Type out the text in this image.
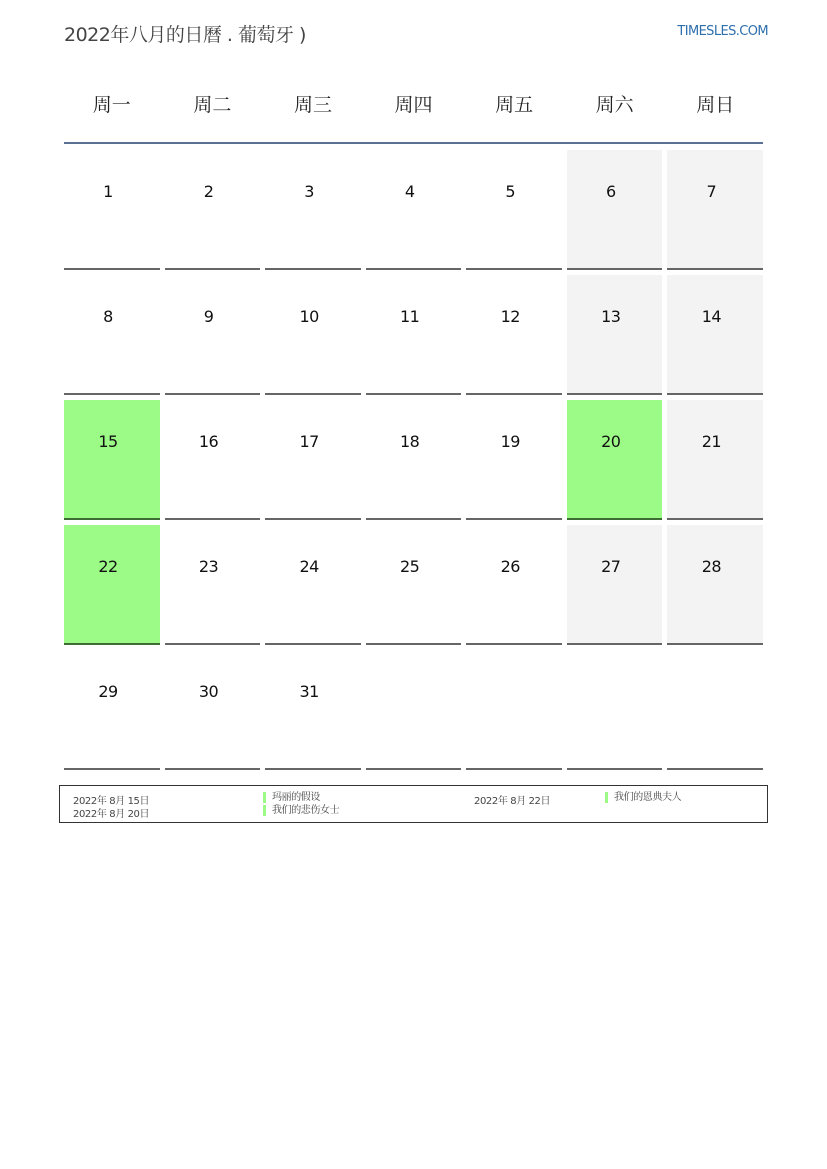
2022年八月的日曆 . 葡萄牙 )	TIMESLES.COM
周一	周二	周三	周四	周五	周六	周日
1	2	3	4	5	6	7
8	9	10	11	12	13	14
15	16	17	18	19	20	21
22	23	24	25	26	27	28
29	30	31
2022年 8月 15日	玛丽的假设	2022年 8月 22日	我们的恩典夫人
2022年 8月 20日	我们的悲伤女士
